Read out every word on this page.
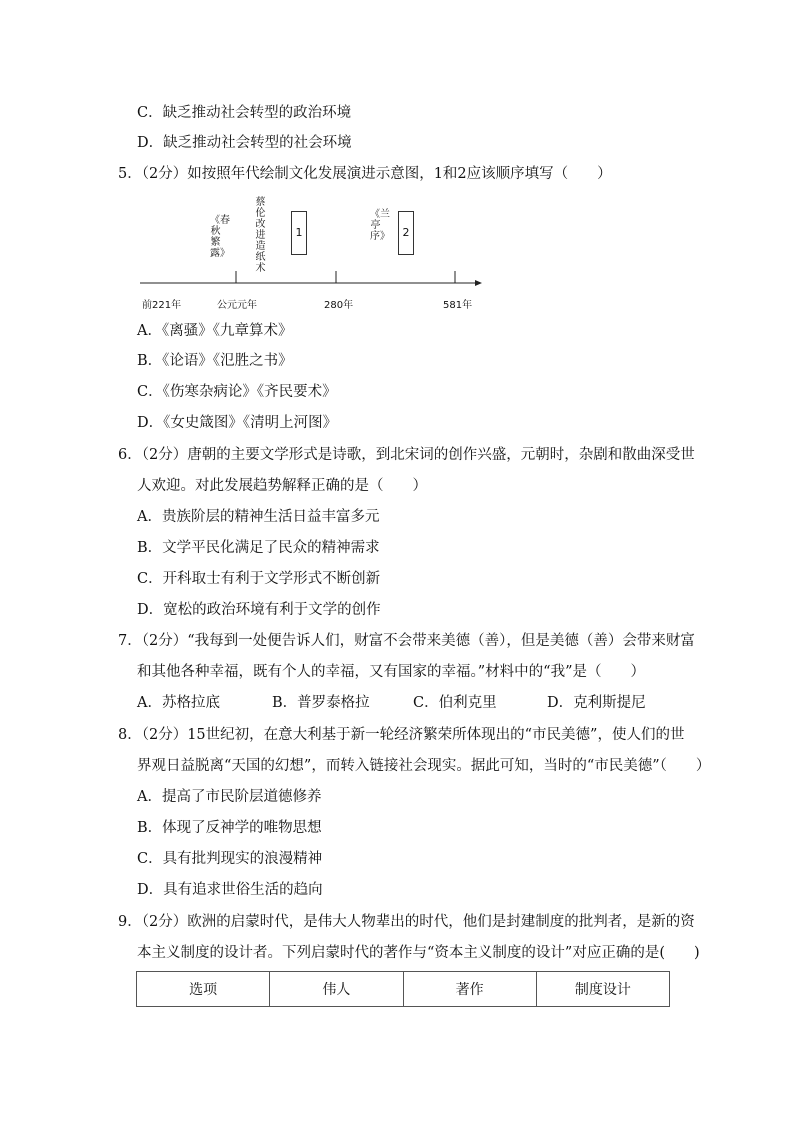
C．缺乏推动社会转型的政治环境
D．缺乏推动社会转型的社会环境
5．（2分）如按照年代绘制文化发展演进示意图，1和2应该顺序填写（　　）
前221年	公元元年	280年	581年
《春秋繁露》
蔡伦改进造纸术
1
《兰亭序》	2
A．《离骚》《九章算术》
B．《论语》《氾胜之书》
C．《伤寒杂病论》《齐民要术》
D．《女史箴图》《清明上河图》
6．（2分）唐朝的主要文学形式是诗歌，到北宋词的创作兴盛，元朝时，杂剧和散曲深受世
人欢迎。对此发展趋势解释正确的是（　　）
A．贵族阶层的精神生活日益丰富多元
B．文学平民化满足了民众的精神需求
C．开科取士有利于文学形式不断创新
D．宽松的政治环境有利于文学的创作
7．（2分）“我每到一处便告诉人们，财富不会带来美德（善），但是美德（善）会带来财富
和其他各种幸福，既有个人的幸福，又有国家的幸福。”材料中的“我”是（　　）
A．苏格拉底	B．普罗泰格拉	C．伯利克里	D．克利斯提尼
8．（2分）15世纪初，在意大利基于新一轮经济繁荣所体现出的“市民美德”，使人们的世
界观日益脱离“天国的幻想”，而转入链接社会现实。据此可知，当时的“市民美德”（　　）
A．提高了市民阶层道德修养
B．体现了反神学的唯物思想
C．具有批判现实的浪漫精神
D．具有追求世俗生活的趋向
9．（2分）欧洲的启蒙时代，是伟大人物辈出的时代，他们是封建制度的批判者，是新的资
本主义制度的设计者。下列启蒙时代的著作与“资本主义制度的设计”对应正确的是(　　)
选项	伟人	著作	制度设计
